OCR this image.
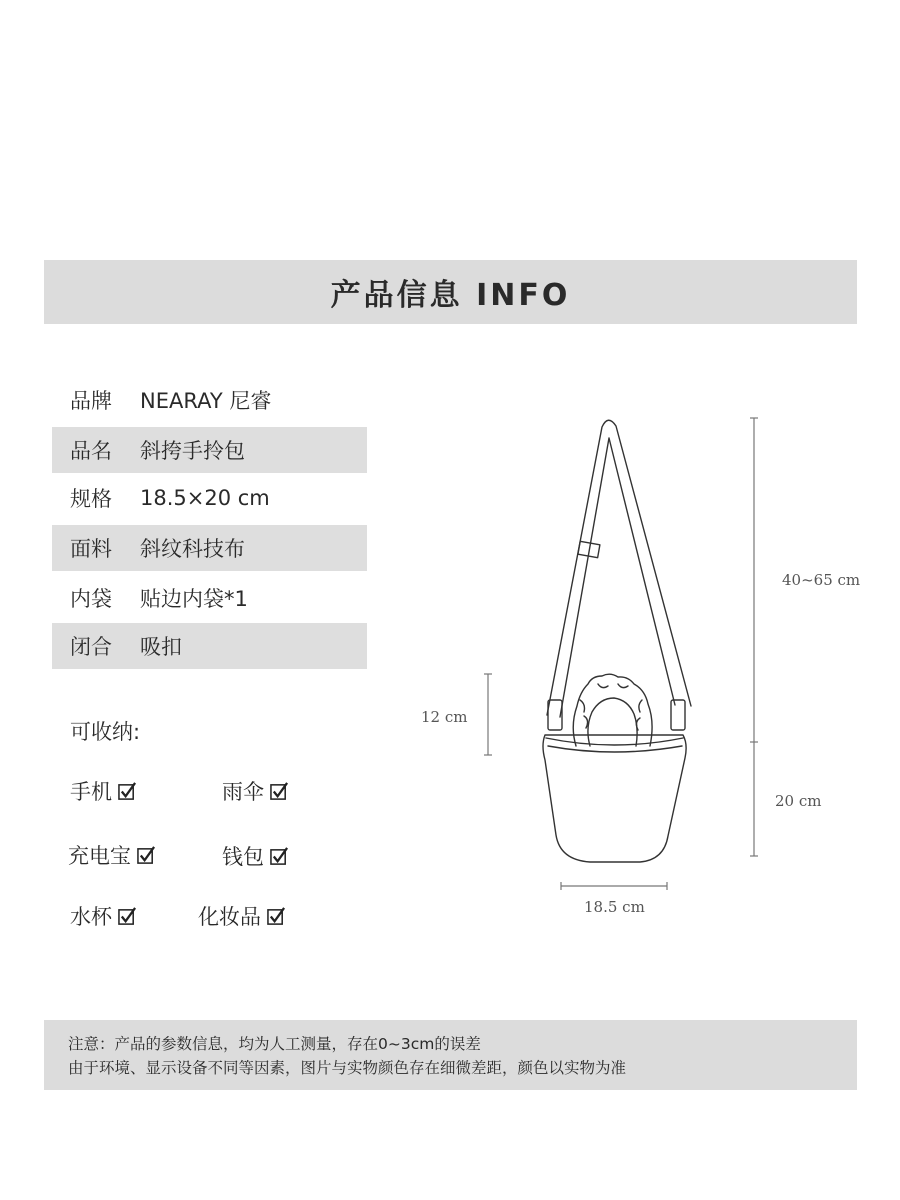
产品信息 INFO
品牌	NEARAY 尼睿
品名	斜挎手拎包
规格	18.5×20 cm
面料	斜纹科技布
内袋	贴边内袋*1
闭合	吸扣
可收纳:
手机	雨伞
充电宝	钱包
水杯	化妆品
40~65 cm
12 cm
20 cm
18.5 cm
注意：产品的参数信息，均为人工测量，存在0~3cm的误差
由于环境、显示设备不同等因素，图片与实物颜色存在细微差距，颜色以实物为准
